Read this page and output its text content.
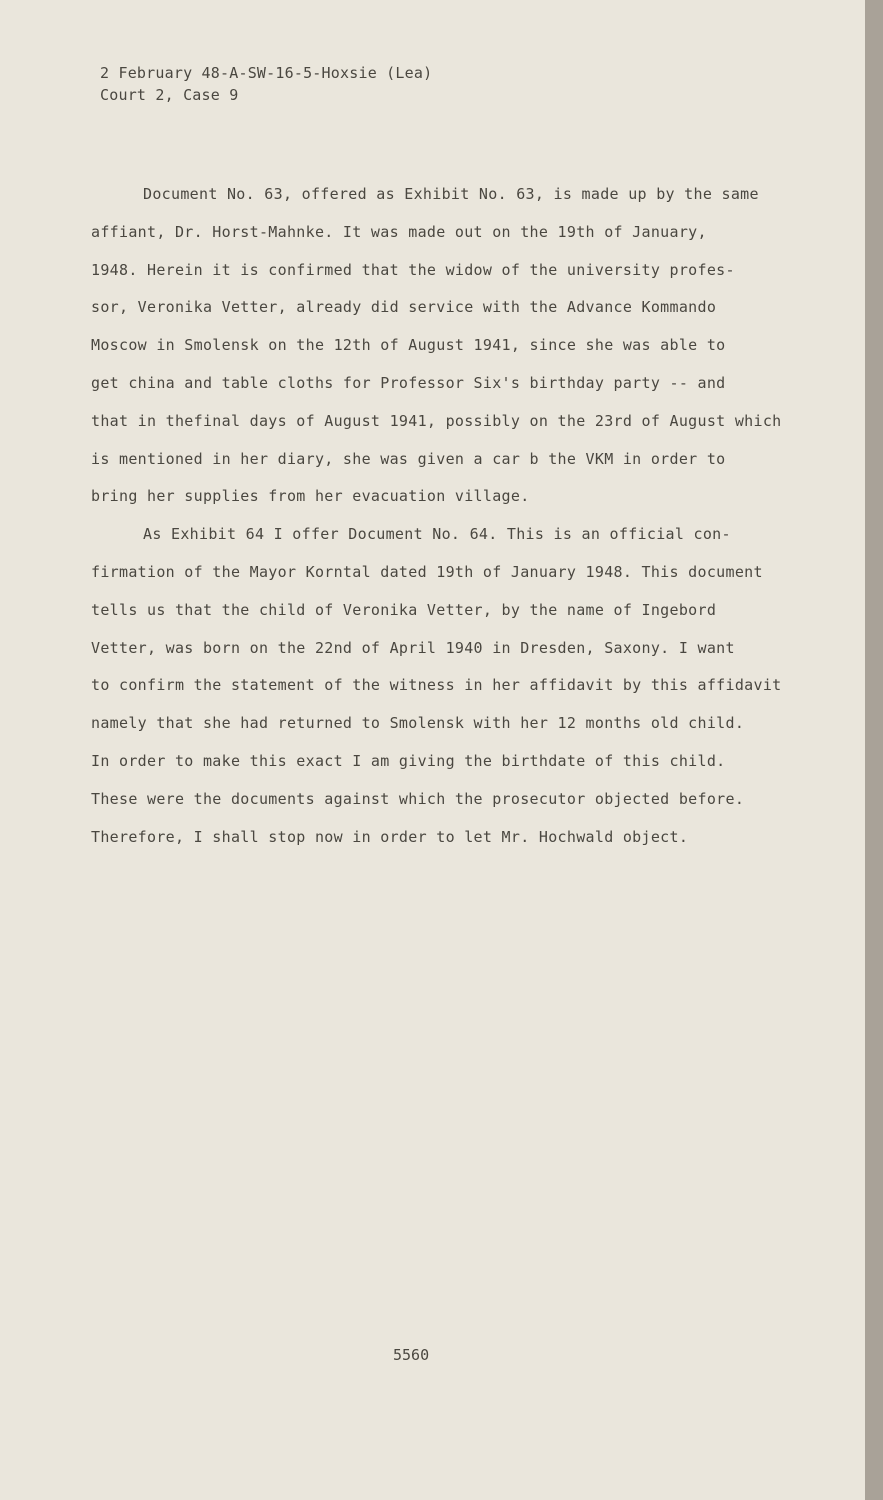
2 February 48-A-SW-16-5-Hoxsie (Lea)
Court 2, Case 9
Document No. 63, offered as Exhibit No. 63, is made up by the same
affiant, Dr. Horst-Mahnke. It was made out on the 19th of January,
1948. Herein it is confirmed that the widow of the university profes-
sor, Veronika Vetter, already did service with the Advance Kommando
Moscow in Smolensk on the 12th of August 1941, since she was able to
get china and table cloths for Professor Six's birthday party -- and
that in thefinal days of August 1941, possibly on the 23rd of August which
is mentioned in her diary, she was given a car b the VKM in order to
bring her supplies from her evacuation village.
As Exhibit 64 I offer Document No. 64. This is an official con-
firmation of the Mayor Korntal dated 19th of January 1948. This document
tells us that the child of Veronika Vetter, by the name of Ingebord
Vetter, was born on the 22nd of April 1940 in Dresden, Saxony. I want
to confirm the statement of the witness in her affidavit by this affidavit
namely that she had returned to Smolensk with her 12 months old child.
In order to make this exact I am giving the birthdate of this child.
These were the documents against which the prosecutor objected before.
Therefore, I shall stop now in order to let Mr. Hochwald object.
5560
